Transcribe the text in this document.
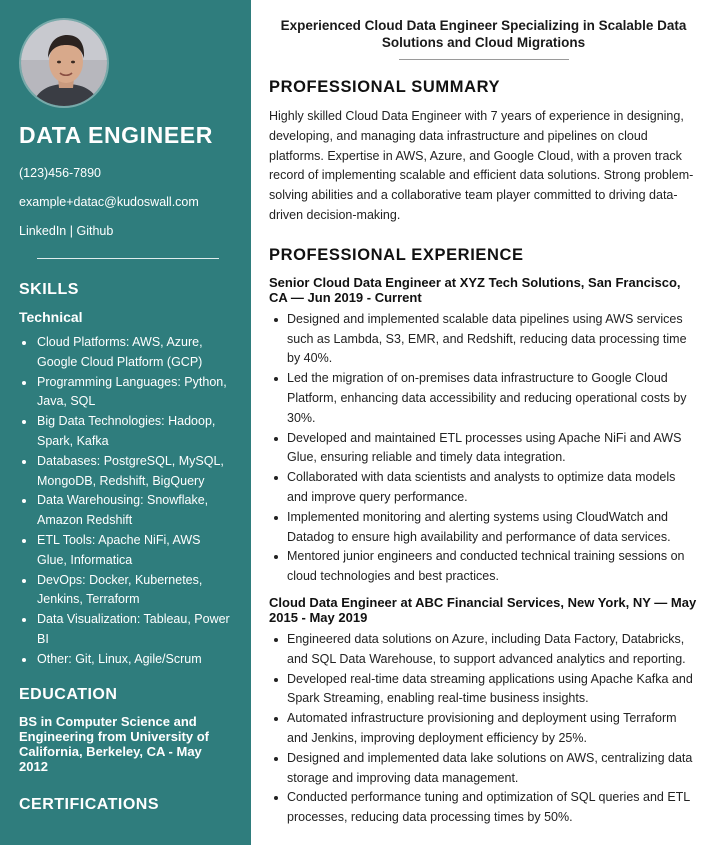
DATA ENGINEER
(123)456-7890
example+datac@kudoswall.com
LinkedIn | Github
SKILLS
Technical
Cloud Platforms: AWS, Azure, Google Cloud Platform (GCP)
Programming Languages: Python, Java, SQL
Big Data Technologies: Hadoop, Spark, Kafka
Databases: PostgreSQL, MySQL, MongoDB, Redshift, BigQuery
Data Warehousing: Snowflake, Amazon Redshift
ETL Tools: Apache NiFi, AWS Glue, Informatica
DevOps: Docker, Kubernetes, Jenkins, Terraform
Data Visualization: Tableau, Power BI
Other: Git, Linux, Agile/Scrum
EDUCATION
BS in Computer Science and Engineering from University of California, Berkeley, CA - May 2012
CERTIFICATIONS
Experienced Cloud Data Engineer Specializing in Scalable Data Solutions and Cloud Migrations
PROFESSIONAL SUMMARY

Highly skilled Cloud Data Engineer with 7 years of experience in designing, developing, and managing data infrastructure and pipelines on cloud platforms. Expertise in AWS, Azure, and Google Cloud, with a proven track record of implementing scalable and efficient data solutions. Strong problem-solving abilities and a collaborative team player committed to driving data-driven decision-making.

PROFESSIONAL EXPERIENCE
Senior Cloud Data Engineer at XYZ Tech Solutions, San Francisco, CA — Jun 2019 - Current
Designed and implemented scalable data pipelines using AWS services such as Lambda, S3, EMR, and Redshift, reducing data processing time by 40%.
Led the migration of on-premises data infrastructure to Google Cloud Platform, enhancing data accessibility and reducing operational costs by 30%.
Developed and maintained ETL processes using Apache NiFi and AWS Glue, ensuring reliable and timely data integration.
Collaborated with data scientists and analysts to optimize data models and improve query performance.
Implemented monitoring and alerting systems using CloudWatch and Datadog to ensure high availability and performance of data services.
Mentored junior engineers and conducted technical training sessions on cloud technologies and best practices.
Cloud Data Engineer at ABC Financial Services, New York, NY — May 2015 - May 2019
Engineered data solutions on Azure, including Data Factory, Databricks, and SQL Data Warehouse, to support advanced analytics and reporting.
Developed real-time data streaming applications using Apache Kafka and Spark Streaming, enabling real-time business insights.
Automated infrastructure provisioning and deployment using Terraform and Jenkins, improving deployment efficiency by 25%.
Designed and implemented data lake solutions on AWS, centralizing data storage and improving data management.
Conducted performance tuning and optimization of SQL queries and ETL processes, reducing data processing times by 50%.
